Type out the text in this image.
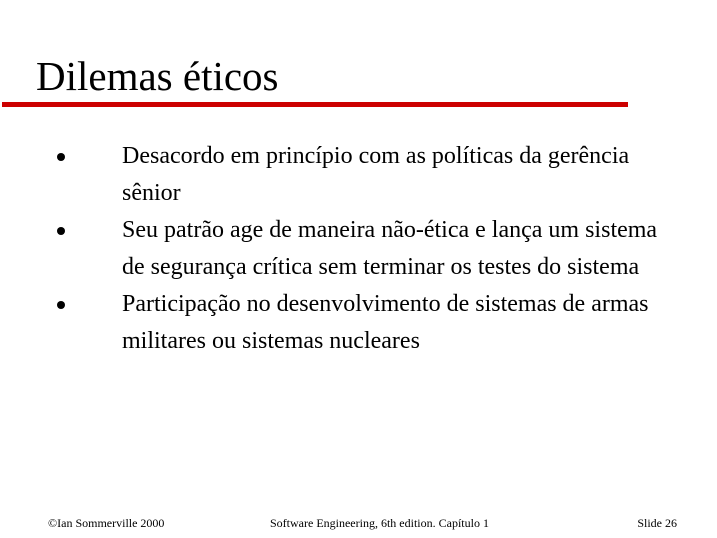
Dilemas éticos
Desacordo em princípio com as políticas da gerência sênior
Seu patrão age de maneira não-ética e lança um sistema de segurança crítica sem terminar os testes do sistema
Participação no desenvolvimento de sistemas de armas militares ou sistemas nucleares
©Ian Sommerville 2000	Software Engineering, 6th edition. Capítulo 1	Slide 26
